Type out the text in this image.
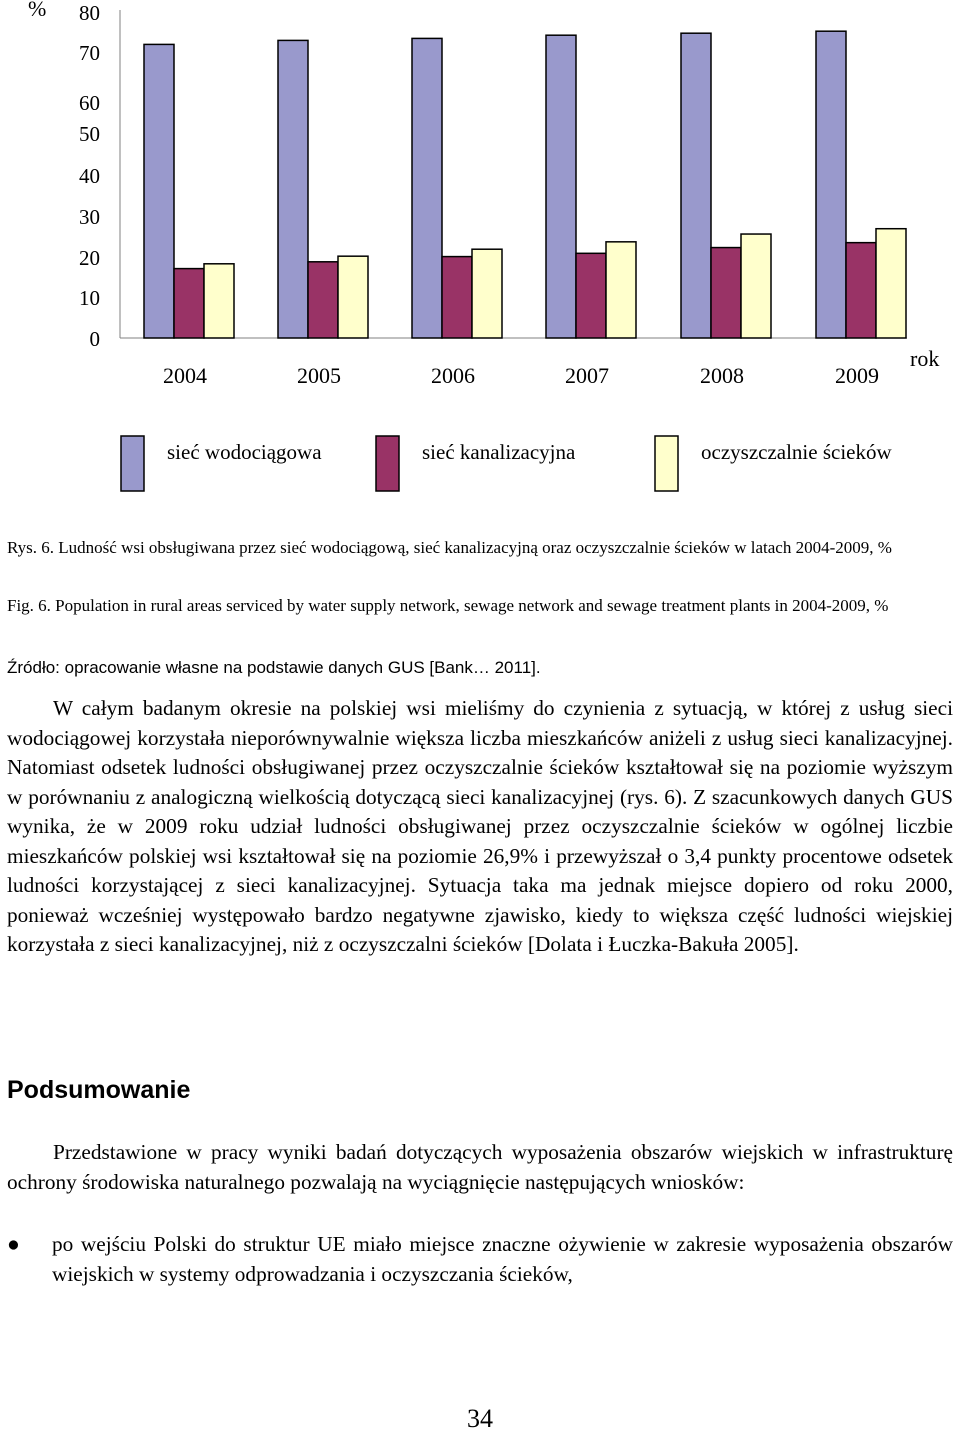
%
0
10
20
30
40
50
60
70
80
2004	2005	2006	2007	2008	2009
rok
sieć wodociągowa	sieć kanalizacyjna	oczyszczalnie ścieków
Rys. 6. Ludność wsi obsługiwana przez sieć wodociągową, sieć kanalizacyjną oraz oczyszczalnie ścieków w latach 2004-2009, %
Fig. 6. Population in rural areas serviced by water supply network, sewage network and sewage treatment plants in 2004-2009, %
Źródło: opracowanie własne na podstawie danych GUS [Bank… 2011].

W całym badanym okresie na polskiej wsi mieliśmy do czynienia z sytuacją, w której z usług sieci wodociągowej korzystała nieporównywalnie większa liczba mieszkańców aniżeli z usług sieci kanalizacyjnej. Natomiast odsetek ludności obsługiwanej przez oczyszczalnie ścieków kształtował się na poziomie wyższym w porównaniu z analogiczną wielkością dotyczącą sieci kanalizacyjnej (rys. 6). Z szacunkowych danych GUS wynika, że w 2009 roku udział ludności obsługiwanej przez oczyszczalnie ścieków w ogólnej liczbie mieszkańców polskiej wsi kształtował się na poziomie 26,9% i przewyższał o 3,4 punkty procentowe odsetek ludności korzystającej z sieci kanalizacyjnej. Sytuacja taka ma jednak miejsce dopiero od roku 2000, ponieważ wcześniej występowało bardzo negatywne zjawisko, kiedy to większa część ludności wiejskiej korzystała z sieci kanalizacyjnej, niż z oczyszczalni ścieków [Dolata i Łuczka-Bakuła 2005].

Podsumowanie

Przedstawione w pracy wyniki badań dotyczących wyposażenia obszarów wiejskich w infrastrukturę ochrony środowiska naturalnego pozwalają na wyciągnięcie następujących wniosków:

●	po wejściu Polski do struktur UE miało miejsce znaczne ożywienie w zakresie wyposażenia obszarów wiejskich w systemy odprowadzania i oczyszczania ścieków,

34
